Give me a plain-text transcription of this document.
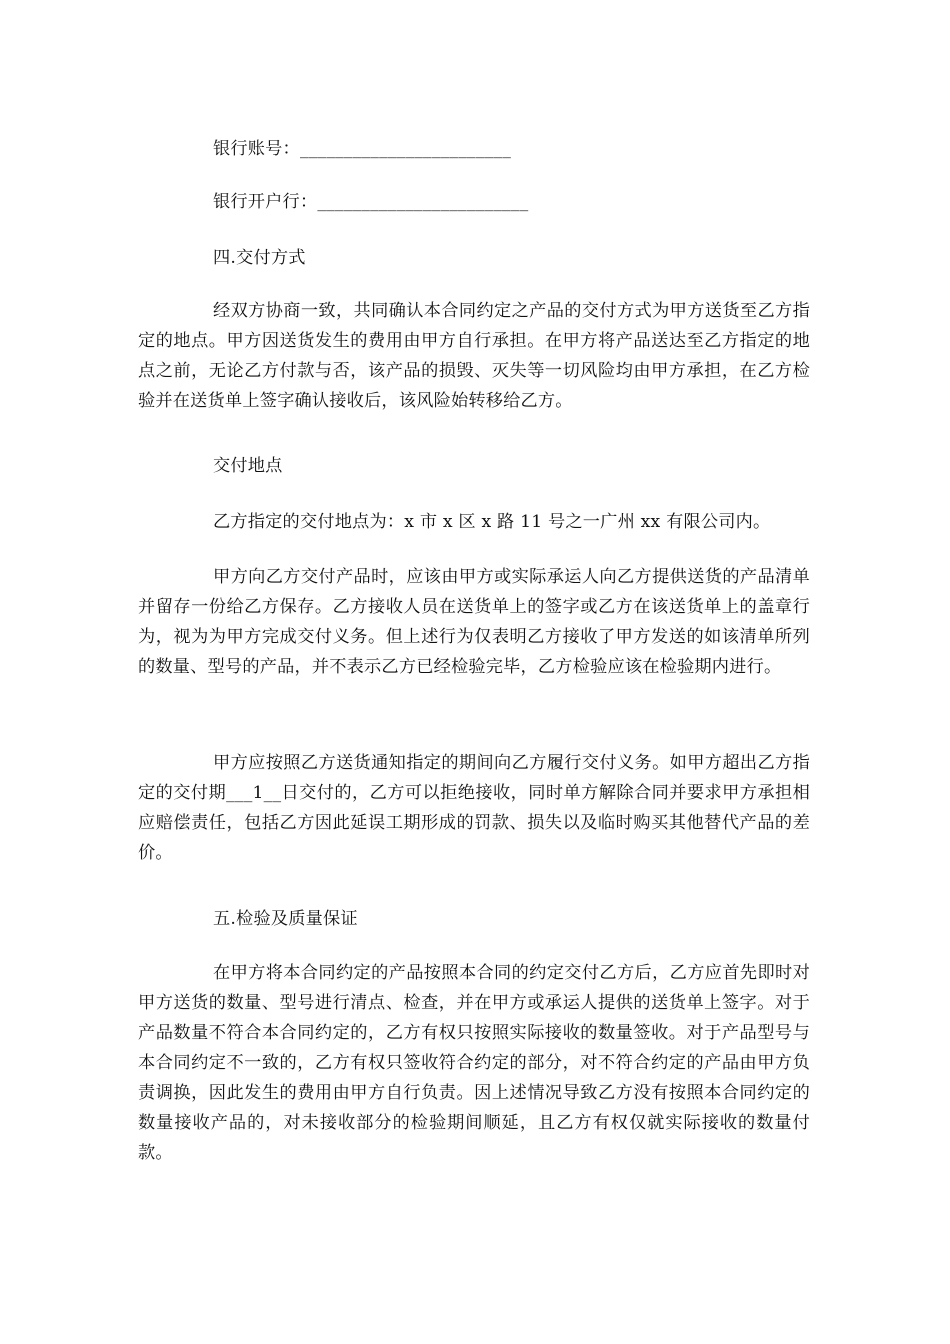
银行账号：________________________

银行开户行：________________________

四.交付方式

经双方协商一致，共同确认本合同约定之产品的交付方式为甲方送货至乙方指定的地点。甲方因送货发生的费用由甲方自行承担。在甲方将产品送达至乙方指定的地点之前，无论乙方付款与否，该产品的损毁、灭失等一切风险均由甲方承担，在乙方检验并在送货单上签字确认接收后，该风险始转移给乙方。

交付地点

乙方指定的交付地点为：x 市 x 区 x 路 11 号之一广州 xx 有限公司内。

甲方向乙方交付产品时，应该由甲方或实际承运人向乙方提供送货的产品清单并留存一份给乙方保存。乙方接收人员在送货单上的签字或乙方在该送货单上的盖章行为，视为为甲方完成交付义务。但上述行为仅表明乙方接收了甲方发送的如该清单所列的数量、型号的产品，并不表示乙方已经检验完毕，乙方检验应该在检验期内进行。

甲方应按照乙方送货通知指定的期间向乙方履行交付义务。如甲方超出乙方指定的交付期___1__日交付的，乙方可以拒绝接收，同时单方解除合同并要求甲方承担相应赔偿责任，包括乙方因此延误工期形成的罚款、损失以及临时购买其他替代产品的差价。

五.检验及质量保证

在甲方将本合同约定的产品按照本合同的约定交付乙方后，乙方应首先即时对甲方送货的数量、型号进行清点、检查，并在甲方或承运人提供的送货单上签字。对于产品数量不符合本合同约定的，乙方有权只按照实际接收的数量签收。对于产品型号与本合同约定不一致的，乙方有权只签收符合约定的部分，对不符合约定的产品由甲方负责调换，因此发生的费用由甲方自行负责。因上述情况导致乙方没有按照本合同约定的数量接收产品的，对未接收部分的检验期间顺延，且乙方有权仅就实际接收的数量付款。
